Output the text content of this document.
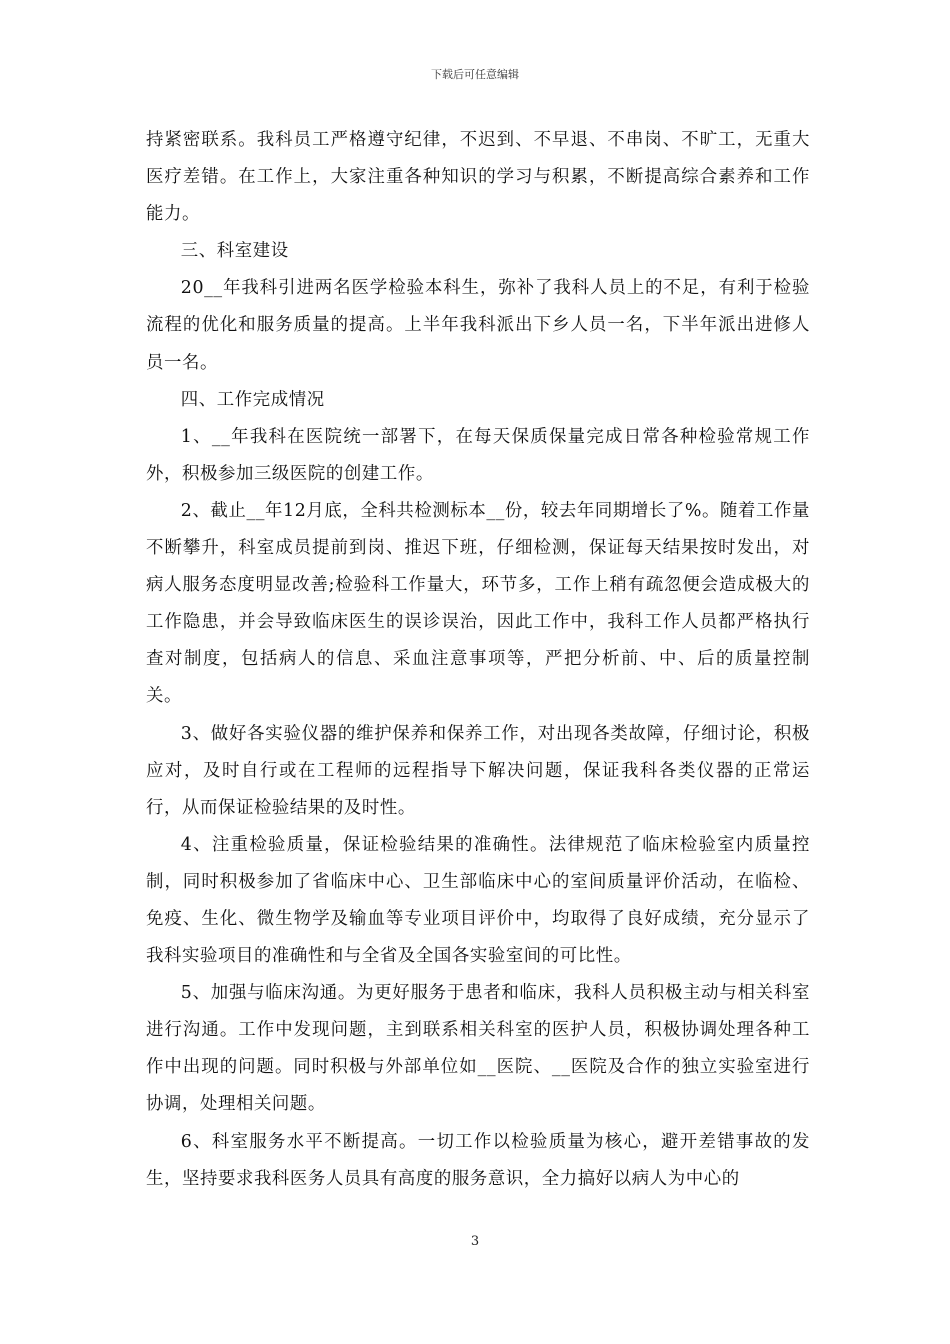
下载后可任意编辑

持紧密联系。我科员工严格遵守纪律，不迟到、不早退、不串岗、不旷工，无重大医疗差错。在工作上，大家注重各种知识的学习与积累，不断提高综合素养和工作能力。

三、科室建设

20__年我科引进两名医学检验本科生，弥补了我科人员上的不足，有利于检验流程的优化和服务质量的提高。上半年我科派出下乡人员一名，下半年派出进修人员一名。

四、工作完成情况

1、__年我科在医院统一部署下，在每天保质保量完成日常各种检验常规工作外，积极参加三级医院的创建工作。

2、截止__年12月底，全科共检测标本__份，较去年同期增长了%。随着工作量不断攀升，科室成员提前到岗、推迟下班，仔细检测，保证每天结果按时发出，对病人服务态度明显改善;检验科工作量大，环节多，工作上稍有疏忽便会造成极大的工作隐患，并会导致临床医生的误诊误治，因此工作中，我科工作人员都严格执行查对制度，包括病人的信息、采血注意事项等，严把分析前、中、后的质量控制关。

3、做好各实验仪器的维护保养和保养工作，对出现各类故障，仔细讨论，积极应对，及时自行或在工程师的远程指导下解决问题，保证我科各类仪器的正常运行，从而保证检验结果的及时性。

4、注重检验质量，保证检验结果的准确性。法律规范了临床检验室内质量控制，同时积极参加了省临床中心、卫生部临床中心的室间质量评价活动，在临检、免疫、生化、微生物学及输血等专业项目评价中，均取得了良好成绩，充分显示了我科实验项目的准确性和与全省及全国各实验室间的可比性。

5、加强与临床沟通。为更好服务于患者和临床，我科人员积极主动与相关科室进行沟通。工作中发现问题，主到联系相关科室的医护人员，积极协调处理各种工作中出现的问题。同时积极与外部单位如__医院、__医院及合作的独立实验室进行协调，处理相关问题。

6、科室服务水平不断提高。一切工作以检验质量为核心，避开差错事故的发生，坚持要求我科医务人员具有高度的服务意识，全力搞好以病人为中心的

3
